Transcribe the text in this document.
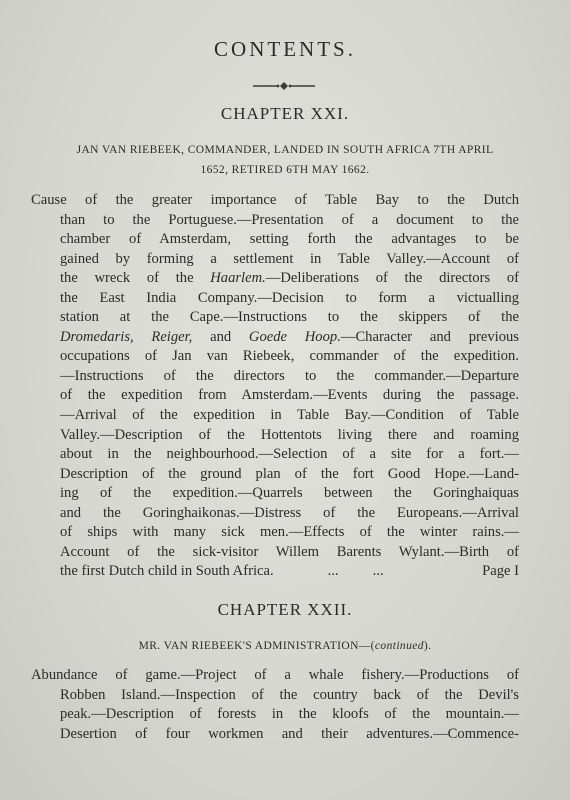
CONTENTS.
CHAPTER XXI.
JAN VAN RIEBEEK, COMMANDER, LANDED IN SOUTH AFRICA 7TH APRIL
1652, RETIRED 6TH MAY 1662.
Cause of the greater importance of Table Bay to the Dutch
than to the Portuguese.—Presentation of a document to the
chamber of Amsterdam, setting forth the advantages to be
gained by forming a settlement in Table Valley.—Account of
the wreck of the Haarlem.—Deliberations of the directors of
the East India Company.—Decision to form a victualling
station at the Cape.—Instructions to the skippers of the
Dromedaris, Reiger, and Goede Hoop.—Character and previous
occupations of Jan van Riebeek, commander of the expedition.
—Instructions of the directors to the commander.—Departure
of the expedition from Amsterdam.—Events during the passage.
—Arrival of the expedition in Table Bay.—Condition of Table
Valley.—Description of the Hottentots living there and roaming
about in the neighbourhood.—Selection of a site for a fort.—
Description of the ground plan of the fort Good Hope.—Land-
ing of the expedition.—Quarrels between the Goringhaiquas
and the Goringhaikonas.—Distress of the Europeans.—Arrival
of ships with many sick men.—Effects of the winter rains.—
Account of the sick-visitor Willem Barents Wylant.—Birth of
the first Dutch child in South Africa.	... ...	Page I
CHAPTER XXII.
MR. VAN RIEBEEK'S ADMINISTRATION—(continued).
Abundance of game.—Project of a whale fishery.—Productions of
Robben Island.—Inspection of the country back of the Devil's
peak.—Description of forests in the kloofs of the mountain.—
Desertion of four workmen and their adventures.—Commence-
